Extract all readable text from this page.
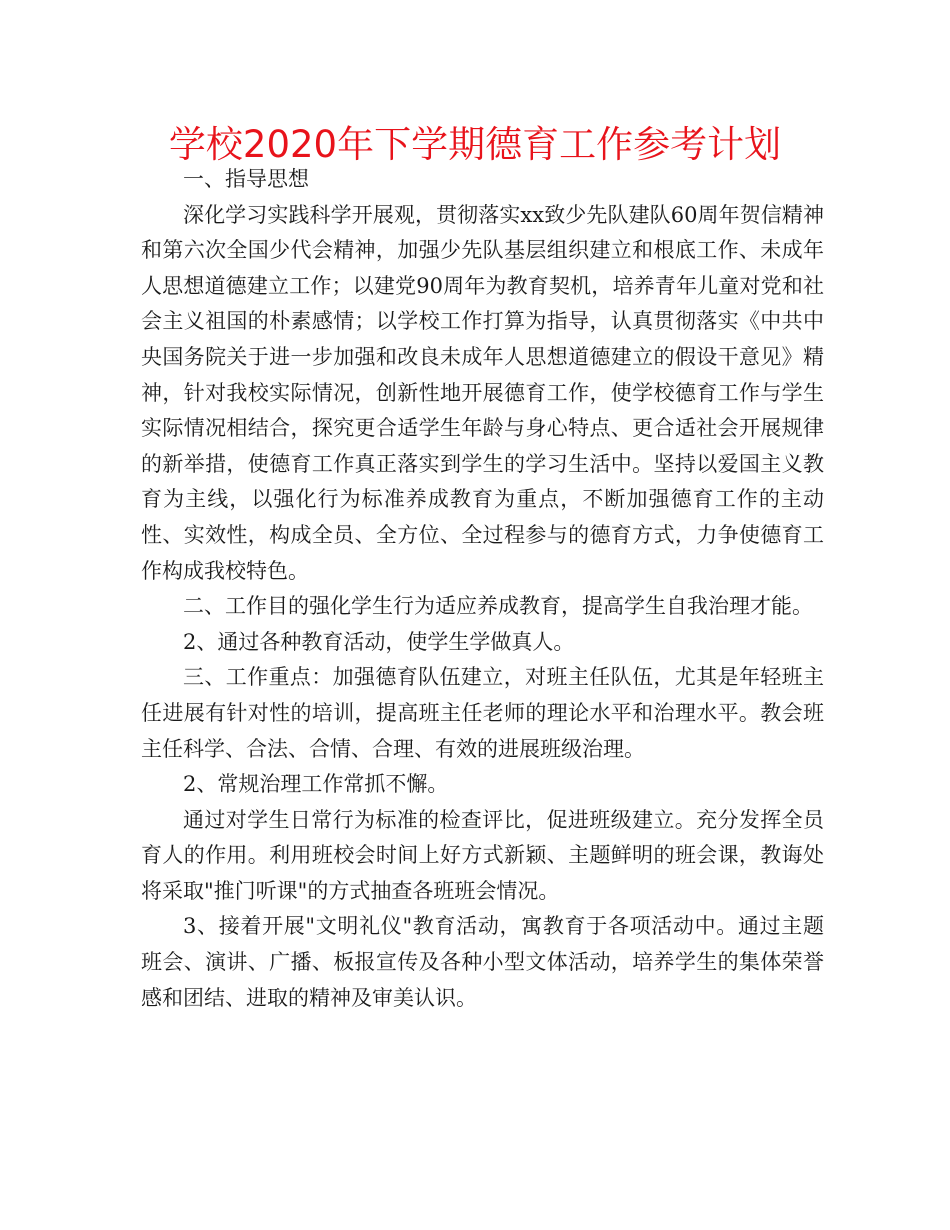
学校2020年下学期德育工作参考计划

一、指导思想

深化学习实践科学开展观，贯彻落实xx致少先队建队60周年贺信精神和第六次全国少代会精神，加强少先队基层组织建立和根底工作、未成年人思想道德建立工作；以建党90周年为教育契机，培养青年儿童对党和社会主义祖国的朴素感情；以学校工作打算为指导，认真贯彻落实《中共中央国务院关于进一步加强和改良未成年人思想道德建立的假设干意见》精神，针对我校实际情况，创新性地开展德育工作，使学校德育工作与学生实际情况相结合，探究更合适学生年龄与身心特点、更合适社会开展规律的新举措，使德育工作真正落实到学生的学习生活中。坚持以爱国主义教育为主线，以强化行为标准养成教育为重点，不断加强德育工作的主动性、实效性，构成全员、全方位、全过程参与的德育方式，力争使德育工作构成我校特色。

二、工作目的强化学生行为适应养成教育，提高学生自我治理才能。

2、通过各种教育活动，使学生学做真人。

三、工作重点：加强德育队伍建立，对班主任队伍，尤其是年轻班主任进展有针对性的培训，提高班主任老师的理论水平和治理水平。教会班主任科学、合法、合情、合理、有效的进展班级治理。

2、常规治理工作常抓不懈。

通过对学生日常行为标准的检查评比，促进班级建立。充分发挥全员育人的作用。利用班校会时间上好方式新颖、主题鲜明的班会课，教诲处将采取"推门听课"的方式抽查各班班会情况。

3、接着开展"文明礼仪"教育活动，寓教育于各项活动中。通过主题班会、演讲、广播、板报宣传及各种小型文体活动，培养学生的集体荣誉感和团结、进取的精神及审美认识。
